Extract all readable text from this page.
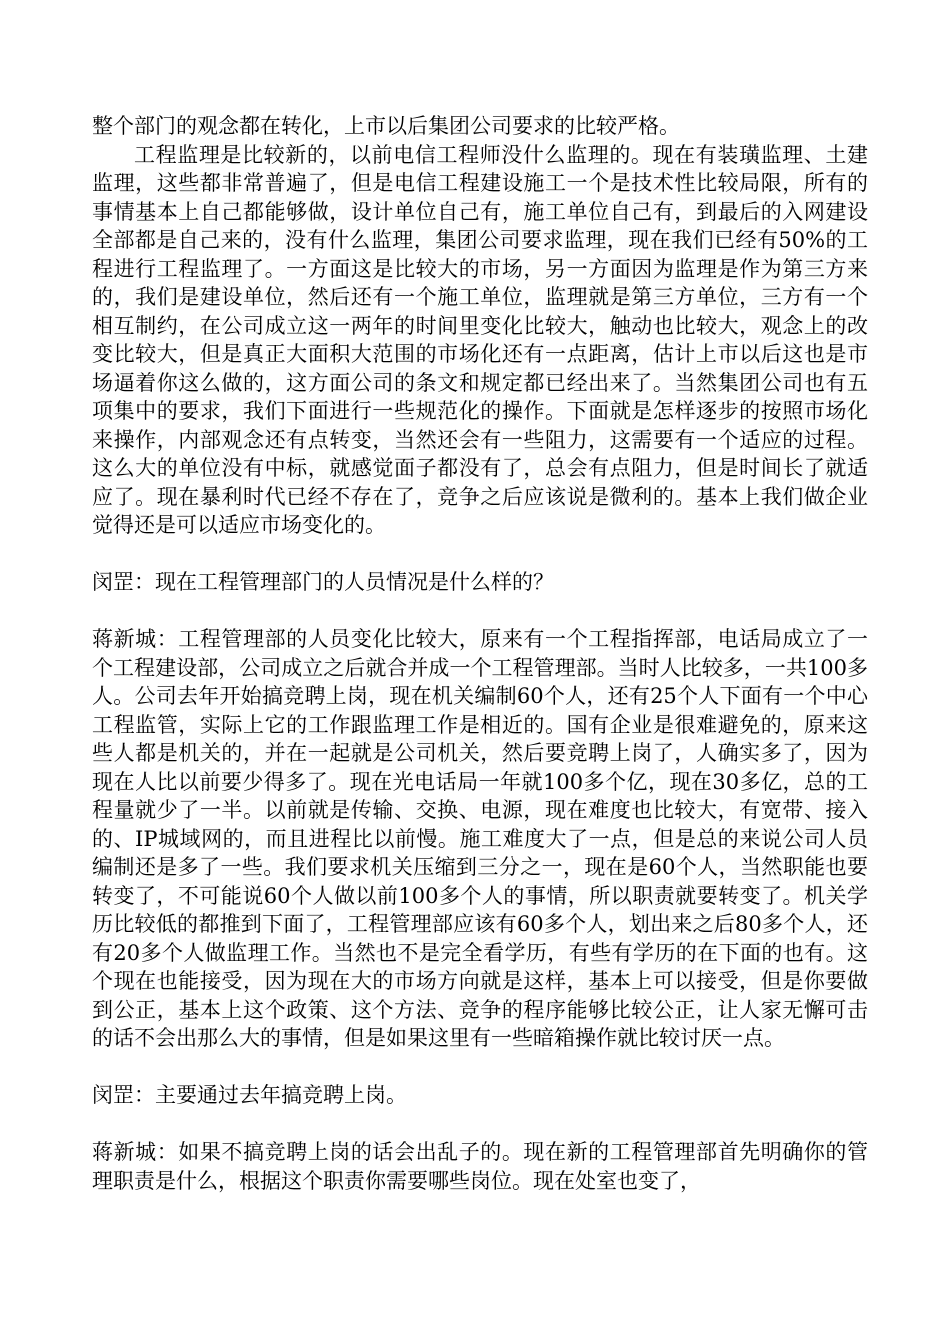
整个部门的观念都在转化，上市以后集团公司要求的比较严格。

工程监理是比较新的，以前电信工程师没什么监理的。现在有装璜监理、土建监理，这些都非常普遍了，但是电信工程建设施工一个是技术性比较局限，所有的事情基本上自己都能够做，设计单位自己有，施工单位自己有，到最后的入网建设全部都是自己来的，没有什么监理，集团公司要求监理，现在我们已经有50%的工程进行工程监理了。一方面这是比较大的市场，另一方面因为监理是作为第三方来的，我们是建设单位，然后还有一个施工单位，监理就是第三方单位，三方有一个相互制约，在公司成立这一两年的时间里变化比较大，触动也比较大，观念上的改变比较大，但是真正大面积大范围的市场化还有一点距离，估计上市以后这也是市场逼着你这么做的，这方面公司的条文和规定都已经出来了。当然集团公司也有五项集中的要求，我们下面进行一些规范化的操作。下面就是怎样逐步的按照市场化来操作，内部观念还有点转变，当然还会有一些阻力，这需要有一个适应的过程。这么大的单位没有中标，就感觉面子都没有了，总会有点阻力，但是时间长了就适应了。现在暴利时代已经不存在了，竞争之后应该说是微利的。基本上我们做企业觉得还是可以适应市场变化的。

闵罡：现在工程管理部门的人员情况是什么样的？

蒋新城：工程管理部的人员变化比较大，原来有一个工程指挥部，电话局成立了一个工程建设部，公司成立之后就合并成一个工程管理部。当时人比较多，一共100多人。公司去年开始搞竞聘上岗，现在机关编制60个人，还有25个人下面有一个中心工程监管，实际上它的工作跟监理工作是相近的。国有企业是很难避免的，原来这些人都是机关的，并在一起就是公司机关，然后要竞聘上岗了，人确实多了，因为现在人比以前要少得多了。现在光电话局一年就100多个亿，现在30多亿，总的工程量就少了一半。以前就是传输、交换、电源，现在难度也比较大，有宽带、接入的、IP城域网的，而且进程比以前慢。施工难度大了一点，但是总的来说公司人员编制还是多了一些。我们要求机关压缩到三分之一，现在是60个人，当然职能也要转变了，不可能说60个人做以前100多个人的事情，所以职责就要转变了。机关学历比较低的都推到下面了，工程管理部应该有60多个人，划出来之后80多个人，还有20多个人做监理工作。当然也不是完全看学历，有些有学历的在下面的也有。这个现在也能接受，因为现在大的市场方向就是这样，基本上可以接受，但是你要做到公正，基本上这个政策、这个方法、竞争的程序能够比较公正，让人家无懈可击的话不会出那么大的事情，但是如果这里有一些暗箱操作就比较讨厌一点。

闵罡：主要通过去年搞竞聘上岗。

蒋新城：如果不搞竞聘上岗的话会出乱子的。现在新的工程管理部首先明确你的管理职责是什么，根据这个职责你需要哪些岗位。现在处室也变了，
